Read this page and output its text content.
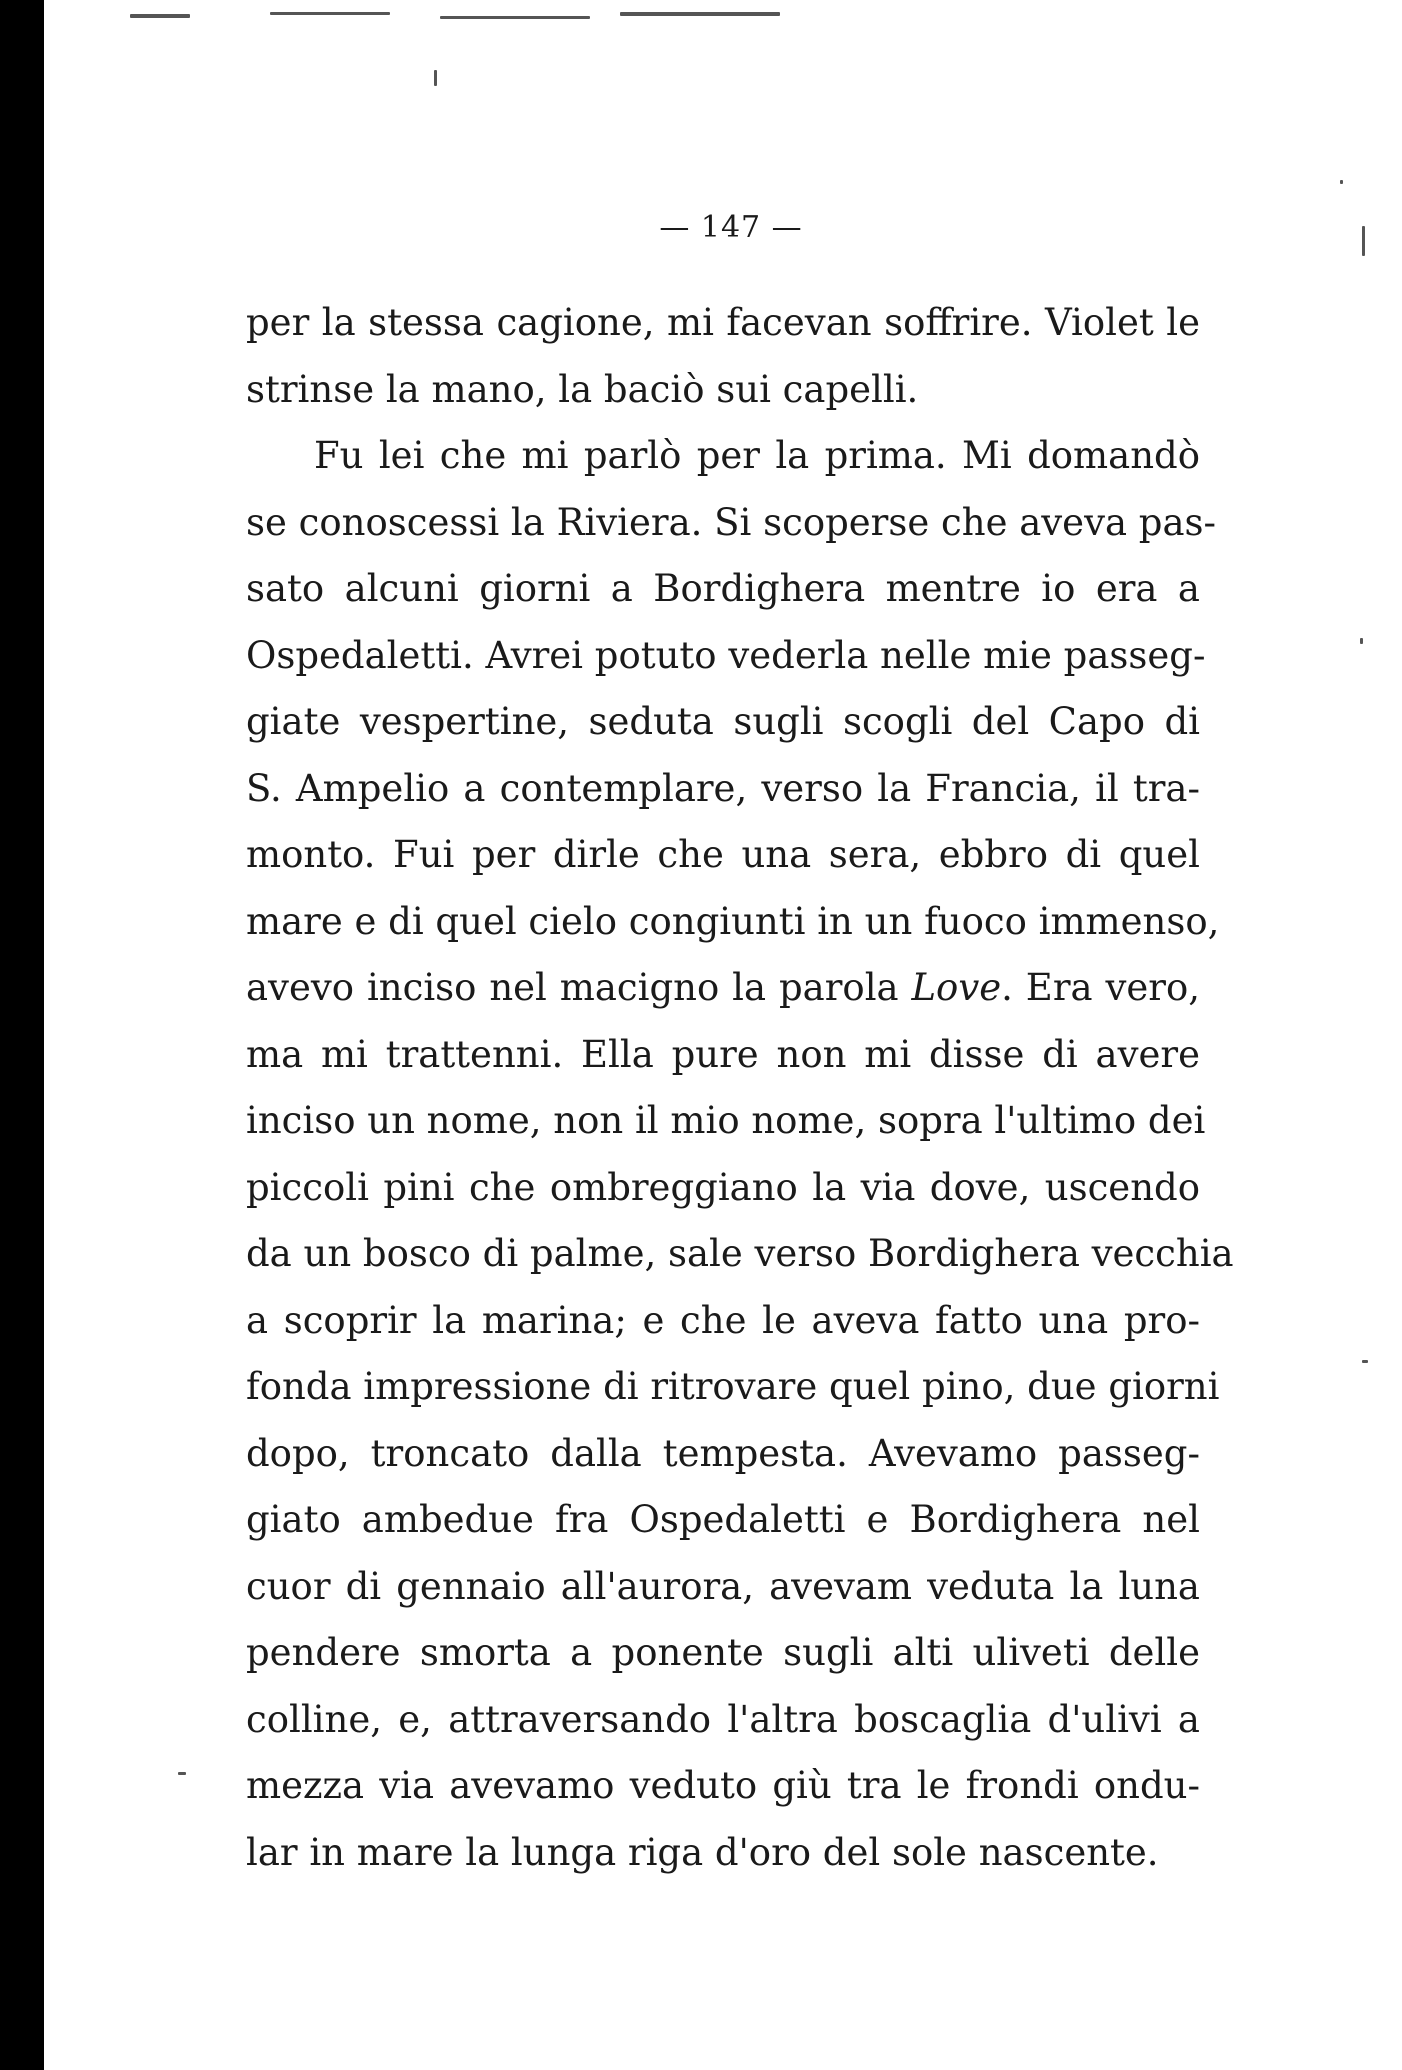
— 147 —
per la stessa cagione, mi facevan soffrire. Violet le
strinse la mano, la baciò sui capelli.
Fu lei che mi parlò per la prima. Mi domandò
se conoscessi la Riviera. Si scoperse che aveva pas-
sato alcuni giorni a Bordighera mentre io era a
Ospedaletti. Avrei potuto vederla nelle mie passeg-
giate vespertine, seduta sugli scogli del Capo di
S. Ampelio a contemplare, verso la Francia, il tra-
monto. Fui per dirle che una sera, ebbro di quel
mare e di quel cielo congiunti in un fuoco immenso,
avevo inciso nel macigno la parola Love. Era vero,
ma mi trattenni. Ella pure non mi disse di avere
inciso un nome, non il mio nome, sopra l'ultimo dei
piccoli pini che ombreggiano la via dove, uscendo
da un bosco di palme, sale verso Bordighera vecchia
a scoprir la marina; e che le aveva fatto una pro-
fonda impressione di ritrovare quel pino, due giorni
dopo, troncato dalla tempesta. Avevamo passeg-
giato ambedue fra Ospedaletti e Bordighera nel
cuor di gennaio all'aurora, avevam veduta la luna
pendere smorta a ponente sugli alti uliveti delle
colline, e, attraversando l'altra boscaglia d'ulivi a
mezza via avevamo veduto giù tra le frondi ondu-
lar in mare la lunga riga d'oro del sole nascente.
